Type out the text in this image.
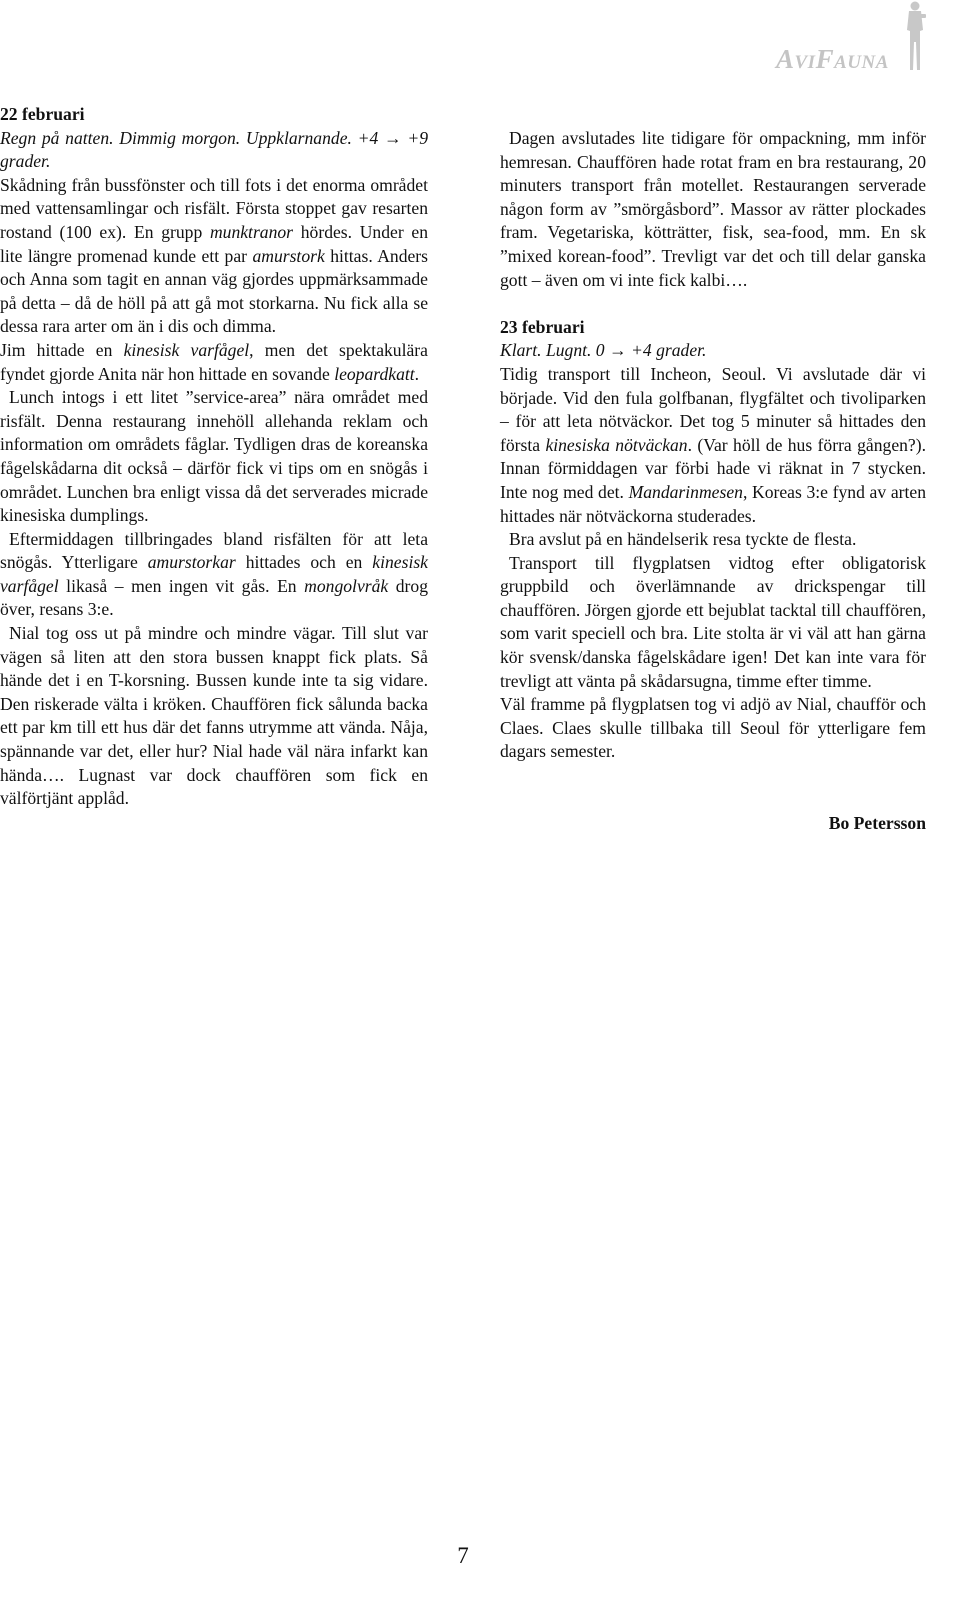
AviFauna

22 februari

Regn på natten. Dimmig morgon. Uppklarnande. +4 → +9 grader.

Skådning från bussfönster och till fots i det enorma området med vattensamlingar och risfält. Första stoppet gav resarten rostand (100 ex). En grupp munktranor hördes. Under en lite längre promenad kunde ett par amurstork hittas. Anders och Anna som tagit en annan väg gjordes uppmärksammade på detta – då de höll på att gå mot storkarna. Nu fick alla se dessa rara arter om än i dis och dimma.

Jim hittade en kinesisk varfågel, men det spektakulära fyndet gjorde Anita när hon hittade en sovande leopardkatt.

Lunch intogs i ett litet ”service-area” nära området med risfält. Denna restaurang innehöll allehanda reklam och information om områdets fåglar. Tydligen dras de koreanska fågelskådarna dit också – därför fick vi tips om en snögås i området. Lunchen bra enligt vissa då det serverades micrade kinesiska dumplings.

Eftermiddagen tillbringades bland risfälten för att leta snögås. Ytterligare amurstorkar hittades och en kinesisk varfågel likaså – men ingen vit gås. En mongolvråk drog över, resans 3:e.

Nial tog oss ut på mindre och mindre vägar. Till slut var vägen så liten att den stora bussen knappt fick plats. Så hände det i en T-korsning. Bussen kunde inte ta sig vidare. Den riskerade välta i kröken. Chauffören fick sålunda backa ett par km till ett hus där det fanns utrymme att vända. Nåja, spännande var det, eller hur? Nial hade väl nära infarkt kan hända…. Lugnast var dock chauffören som fick en välförtjänt applåd.

Dagen avslutades lite tidigare för ompackning, mm inför hemresan. Chauffören hade rotat fram en bra restaurang, 20 minuters transport från motellet. Restaurangen serverade någon form av ”smörgåsbord”. Massor av rätter plockades fram. Vegetariska, kötträtter, fisk, sea-food, mm. En sk ”mixed korean-food”. Trevligt var det och till delar ganska gott – även om vi inte fick kalbi….

23 februari

Klart. Lugnt. 0 → +4 grader.

Tidig transport till Incheon, Seoul. Vi avslutade där vi började. Vid den fula golfbanan, flygfältet och tivoliparken – för att leta nötväckor. Det tog 5 minuter så hittades den första kinesiska nötväckan. (Var höll de hus förra gången?). Innan förmiddagen var förbi hade vi räknat in 7 stycken. Inte nog med det. Mandarinmesen, Koreas 3:e fynd av arten hittades när nötväckorna studerades.

Bra avslut på en händelserik resa tyckte de flesta.

Transport till flygplatsen vidtog efter obligatorisk gruppbild och överlämnande av drickspengar till chauffören. Jörgen gjorde ett bejublat tacktal till chauffören, som varit speciell och bra. Lite stolta är vi väl att han gärna kör svensk/danska fågelskådare igen! Det kan inte vara för trevligt att vänta på skådarsugna, timme efter timme.

Väl framme på flygplatsen tog vi adjö av Nial, chaufför och Claes. Claes skulle tillbaka till Seoul för ytterligare fem dagars semester.

Bo Petersson

7
